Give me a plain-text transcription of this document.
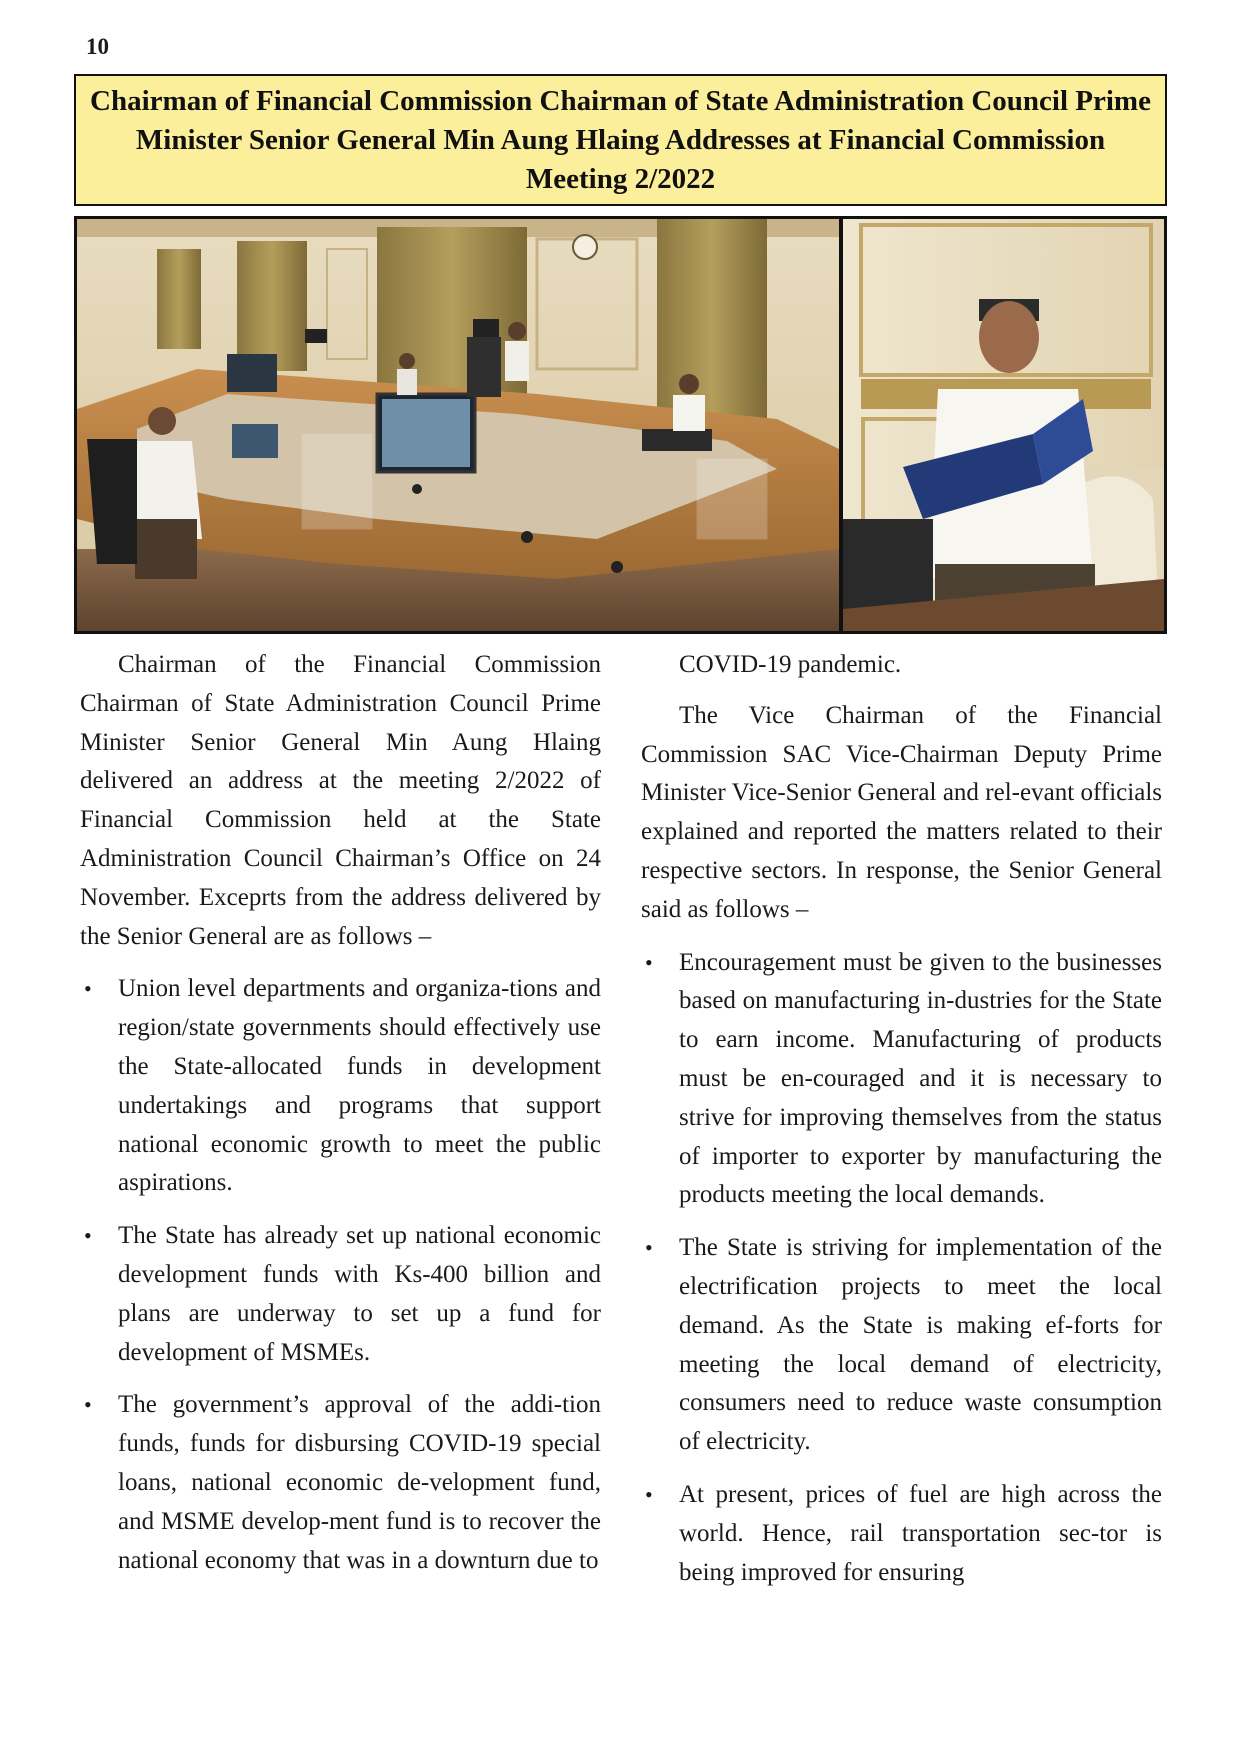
10
Chairman of Financial Commission Chairman of State Administration Council Prime Minister Senior General Min Aung Hlaing Addresses at Financial Commission Meeting 2/2022

Chairman of the Financial Commission Chairman of State Administration Council Prime Minister Senior General Min Aung Hlaing delivered an address at the meeting 2/2022 of Financial Commission held at the State Administration Council Chairman’s Office on 24 November. Exceprts from the address delivered by the Senior General are as follows –

• Union level departments and organiza-tions and region/state governments should effectively use the State-allocated funds in development undertakings and programs that support national economic growth to meet the public aspirations.
• The State has already set up national economic development funds with Ks-400 billion and plans are underway to set up a fund for development of MSMEs.
• The government’s approval of the addi-tion funds, funds for disbursing COVID-19 special loans, national economic de-velopment fund, and MSME develop-ment fund is to recover the national economy that was in a downturn due to

COVID-19 pandemic.

The Vice Chairman of the Financial Commission SAC Vice-Chairman Deputy Prime Minister Vice-Senior General and rel-evant officials explained and reported the matters related to their respective sectors. In response, the Senior General said as follows –

• Encouragement must be given to the businesses based on manufacturing in-dustries for the State to earn income. Manufacturing of products must be en-couraged and it is necessary to strive for improving themselves from the status of importer to exporter by manufacturing the products meeting the local demands.
• The State is striving for implementation of the electrification projects to meet the local demand. As the State is making ef-forts for meeting the local demand of electricity, consumers need to reduce waste consumption of electricity.
• At present, prices of fuel are high across the world. Hence, rail transportation sec-tor is being improved for ensuring
